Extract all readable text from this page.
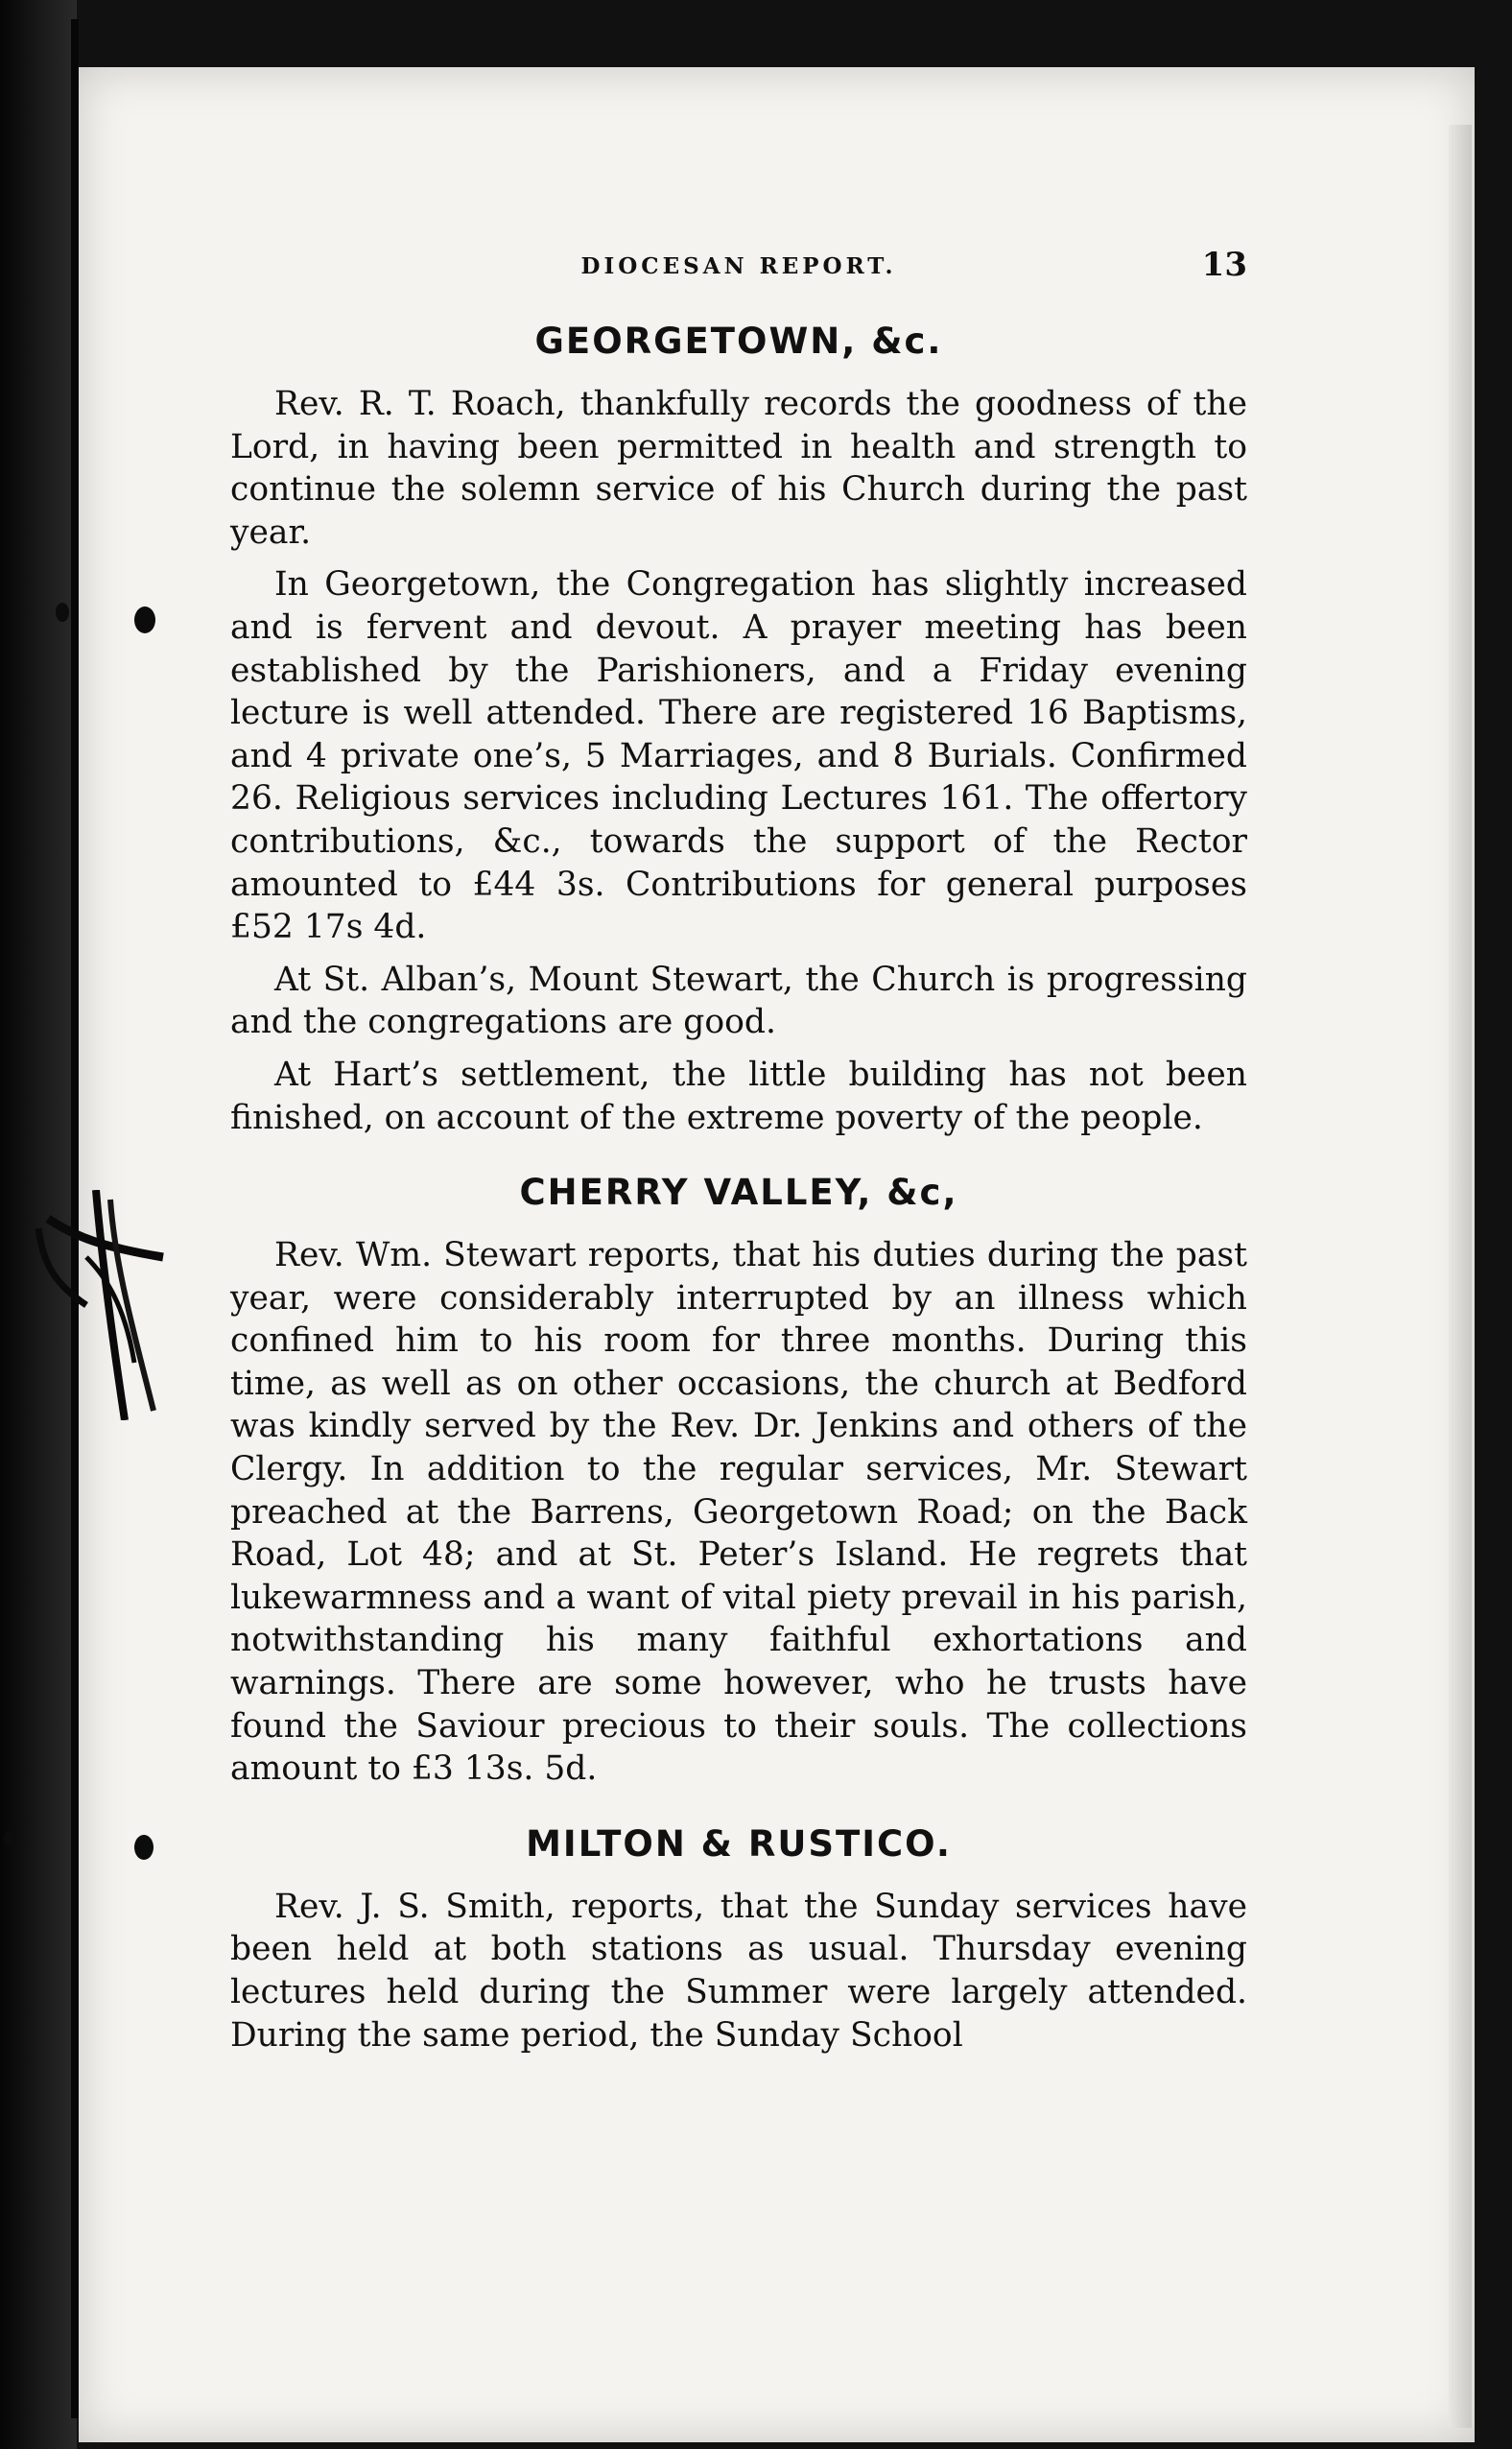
DIOCESAN REPORT.	13
GEORGETOWN, &c.

Rev. R. T. Roach, thankfully records the goodness of the Lord, in having been permitted in health and strength to continue the solemn service of his Church during the past year.

In Georgetown, the Congregation has slightly increased and is fervent and devout. A prayer meeting has been established by the Parishioners, and a Friday evening lecture is well attended. There are registered 16 Baptisms, and 4 private one’s, 5 Marriages, and 8 Burials. Confirmed 26. Religious services including Lectures 161. The offertory contributions, &c., towards the support of the Rector amounted to £44 3s. Contributions for general purposes £52 17s 4d.

At St. Alban’s, Mount Stewart, the Church is progressing and the congregations are good.

At Hart’s settlement, the little building has not been finished, on account of the extreme poverty of the people.

CHERRY VALLEY, &c,

Rev. Wm. Stewart reports, that his duties during the past year, were considerably interrupted by an illness which confined him to his room for three months. During this time, as well as on other occasions, the church at Bedford was kindly served by the Rev. Dr. Jenkins and others of the Clergy. In addition to the regular services, Mr. Stewart preached at the Barrens, Georgetown Road; on the Back Road, Lot 48; and at St. Peter’s Island. He regrets that lukewarmness and a want of vital piety prevail in his parish, notwithstanding his many faithful exhortations and warnings. There are some however, who he trusts have found the Saviour precious to their souls. The collections amount to £3 13s. 5d.

MILTON & RUSTICO.

Rev. J. S. Smith, reports, that the Sunday services have been held at both stations as usual. Thursday evening lectures held during the Summer were largely attended. During the same period, the Sunday School
